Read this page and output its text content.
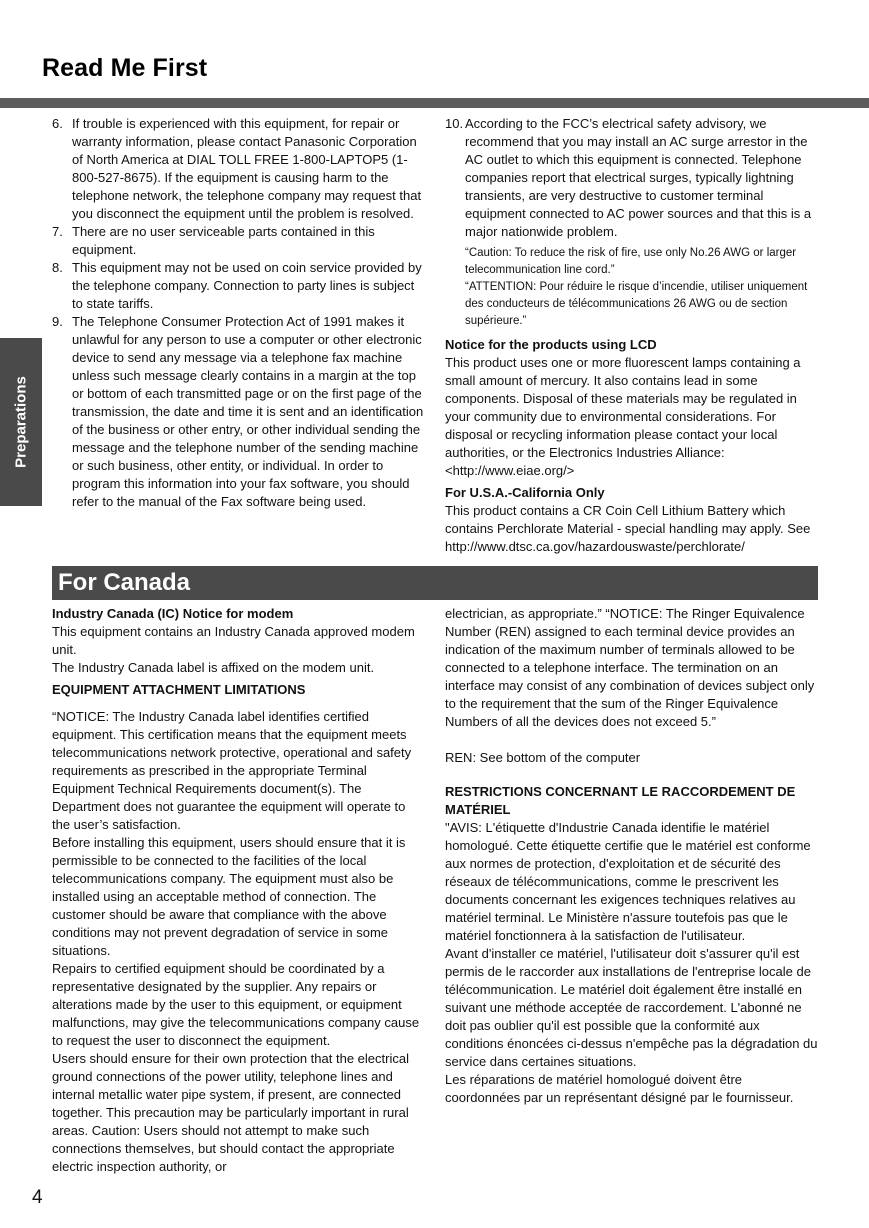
Read Me First
Preparations
6. If trouble is experienced with this equipment, for repair or warranty information, please contact Panasonic Corporation of North America at DIAL TOLL FREE 1-800-LAPTOP5 (1-800-527-8675). If the equipment is causing harm to the telephone network, the telephone company may request that you disconnect the equipment until the problem is resolved.
7. There are no user serviceable parts contained in this equipment.
8. This equipment may not be used on coin service provided by the telephone company. Connection to party lines is subject to state tariffs.
9. The Telephone Consumer Protection Act of 1991 makes it unlawful for any person to use a computer or other electronic device to send any message via a telephone fax machine unless such message clearly contains in a margin at the top or bottom of each transmitted page or on the first page of the transmission, the date and time it is sent and an identification of the business or other entry, or other individual sending the message and the telephone number of the sending machine or such business, other entity, or individual. In order to program this information into your fax software, you should refer to the manual of the Fax software being used.
10. According to the FCC’s electrical safety advisory, we recommend that you may install an AC surge arrestor in the AC outlet to which this equipment is connected. Telephone companies report that electrical surges, typically lightning transients, are very destructive to customer terminal equipment connected to AC power sources and that this is a major nationwide problem.

“Caution: To reduce the risk of fire, use only No.26 AWG or larger telecommunication line cord.”

“ATTENTION: Pour réduire le risque d’incendie, utiliser uniquement des conducteurs de télécommunications 26 AWG ou de section supérieure.”

Notice for the products using LCD

This product uses one or more fluorescent lamps containing a small amount of mercury. It also contains lead in some components. Disposal of these materials may be regulated in your community due to environmental considerations. For disposal or recycling information please contact your local authorities, or the Electronics Industries Alliance: <http://www.eiae.org/>

For U.S.A.-California Only

This product contains a CR Coin Cell Lithium Battery which contains Perchlorate Material - special handling may apply. See http://www.dtsc.ca.gov/hazardouswaste/perchlorate/

For Canada

Industry Canada (IC) Notice for modem

This equipment contains an Industry Canada approved modem unit.

The Industry Canada label is affixed on the modem unit.

EQUIPMENT ATTACHMENT LIMITATIONS

“NOTICE: The Industry Canada label identifies certified equipment. This certification means that the equipment meets telecommunications network protective, operational and safety requirements as prescribed in the appropriate Terminal Equipment Technical Requirements document(s). The Department does not guarantee the equipment will operate to the user’s satisfaction.

Before installing this equipment, users should ensure that it is permissible to be connected to the facilities of the local telecommunications company. The equipment must also be installed using an acceptable method of connection. The customer should be aware that compliance with the above conditions may not prevent degradation of service in some situations.

Repairs to certified equipment should be coordinated by a representative designated by the supplier. Any repairs or alterations made by the user to this equipment, or equipment malfunctions, may give the telecommunications company cause to request the user to disconnect the equipment.

Users should ensure for their own protection that the electrical ground connections of the power utility, telephone lines and internal metallic water pipe system, if present, are connected together. This precaution may be particularly important in rural areas. Caution: Users should not attempt to make such connections themselves, but should contact the appropriate electric inspection authority, or

electrician, as appropriate.” “NOTICE: The Ringer Equivalence Number (REN) assigned to each terminal device provides an indication of the maximum number of terminals allowed to be connected to a telephone interface. The termination on an interface may consist of any combination of devices subject only to the requirement that the sum of the Ringer Equivalence Numbers of all the devices does not exceed 5.”

REN: See bottom of the computer

RESTRICTIONS CONCERNANT LE RACCORDEMENT DE MATÉRIEL

"AVIS: L'étiquette d'Industrie Canada identifie le matériel homologué. Cette étiquette certifie que le matériel est conforme aux normes de protection, d'exploitation et de sécurité des réseaux de télécommunications, comme le prescrivent les documents concernant les exigences techniques relatives au matériel terminal. Le Ministère n'assure toutefois pas que le matériel fonctionnera à la satisfaction de l'utilisateur.

Avant d'installer ce matériel, l'utilisateur doit s'assurer qu'il est permis de le raccorder aux installations de l'entreprise locale de télécommunication. Le matériel doit également être installé en suivant une méthode acceptée de raccordement. L'abonné ne doit pas oublier qu'il est possible que la conformité aux conditions énoncées ci-dessus n'empêche pas la dégradation du service dans certaines situations.

Les réparations de matériel homologué doivent être coordonnées par un représentant désigné par le fournisseur.

4
